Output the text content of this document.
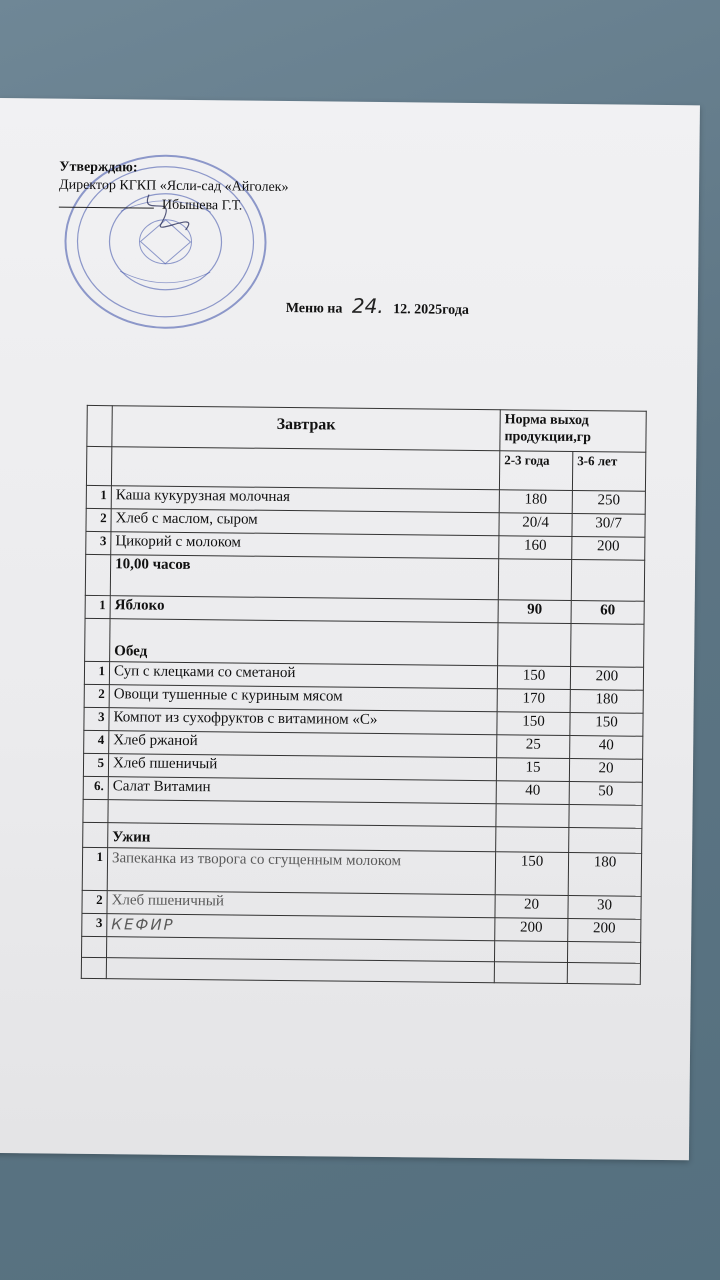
Утверждаю:
Директор КГКП «Ясли-сад «Айголек»
Ибышева Г.Т.
Меню на 24. 12. 2025года
	Завтрак	Норма выход продукции,гр	
		2-3 года	3-6 лет
1	Каша кукурузная молочная	180	250
2	Хлеб с маслом, сыром	20/4	30/7
3	Цикорий с молоком	160	200
	10,00 часов		
1	Яблоко	90	60
	Обед		
1	Суп с клецками со сметаной	150	200
2	Овощи тушенные с куриным мясом	170	180
3	Компот из сухофруктов с витамином «С»	150	150
4	Хлеб ржаной	25	40
5	Хлеб пшеничый	15	20
6.	Салат Витамин	40	50

	Ужин		
1	Запеканка из творога со сгущенным молоком	150	180
2	Хлеб пшеничный	20	30
3	КЕФИР	200	200
